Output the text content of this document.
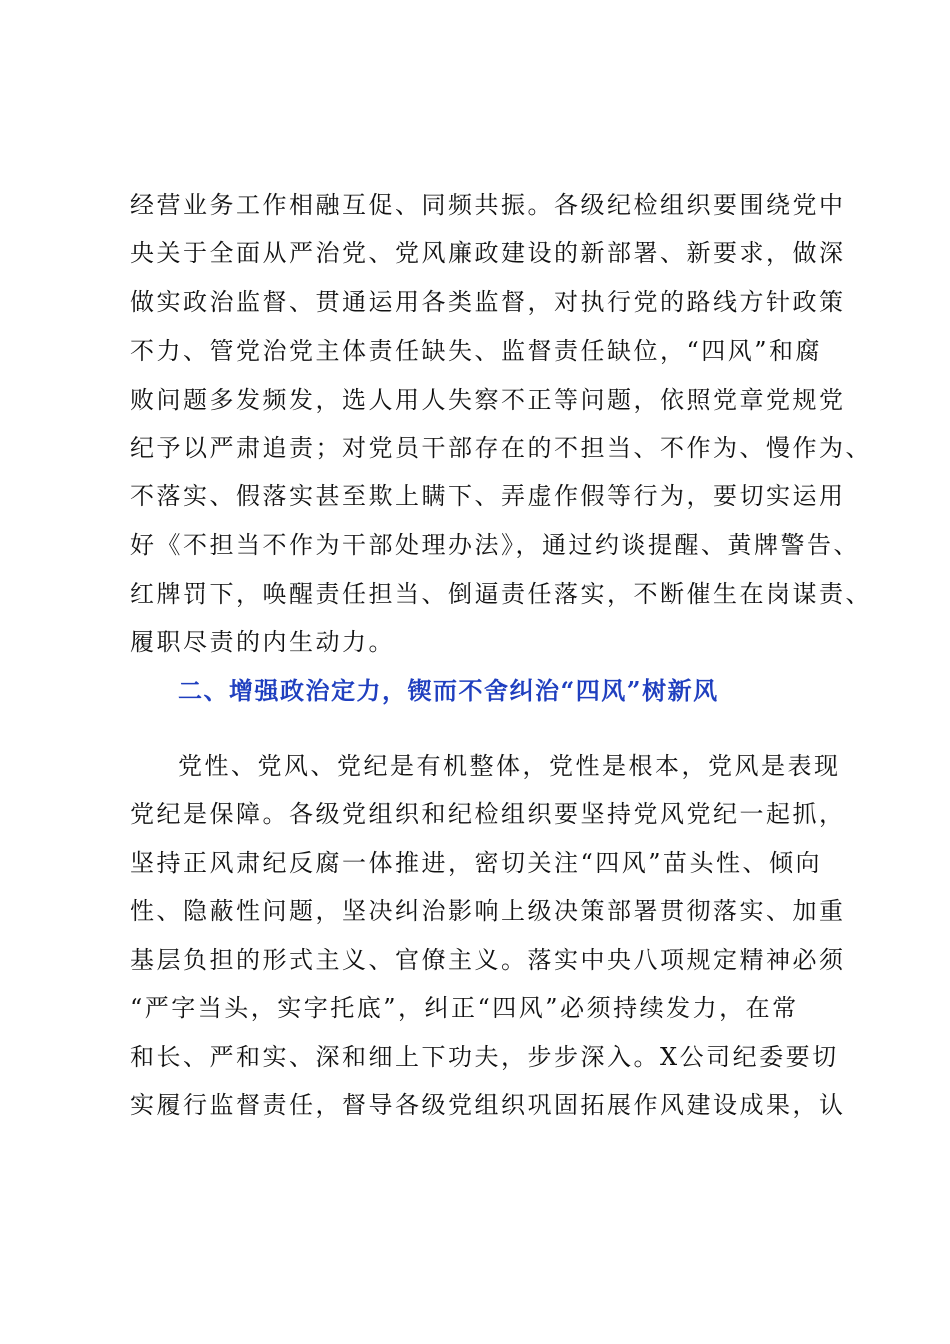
经营业务工作相融互促、同频共振。各级纪检组织要围绕党中
央关于全面从严治党、党风廉政建设的新部署、新要求，做深
做实政治监督、贯通运用各类监督，对执行党的路线方针政策
不力、管党治党主体责任缺失、监督责任缺位，“四风”和腐
败问题多发频发，选人用人失察不正等问题，依照党章党规党
纪予以严肃追责；对党员干部存在的不担当、不作为、慢作为、
不落实、假落实甚至欺上瞒下、弄虚作假等行为，要切实运用
好《不担当不作为干部处理办法》，通过约谈提醒、黄牌警告、
红牌罚下，唤醒责任担当、倒逼责任落实，不断催生在岗谋责、
履职尽责的内生动力。
二、增强政治定力，锲而不舍纠治“四风”树新风
党性、党风、党纪是有机整体，党性是根本，党风是表现
党纪是保障。各级党组织和纪检组织要坚持党风党纪一起抓，
坚持正风肃纪反腐一体推进，密切关注“四风”苗头性、倾向
性、隐蔽性问题，坚决纠治影响上级决策部署贯彻落实、加重
基层负担的形式主义、官僚主义。落实中央八项规定精神必须
“严字当头，实字托底”，纠正“四风”必须持续发力，在常
和长、严和实、深和细上下功夫，步步深入。X公司纪委要切
实履行监督责任，督导各级党组织巩固拓展作风建设成果，认
